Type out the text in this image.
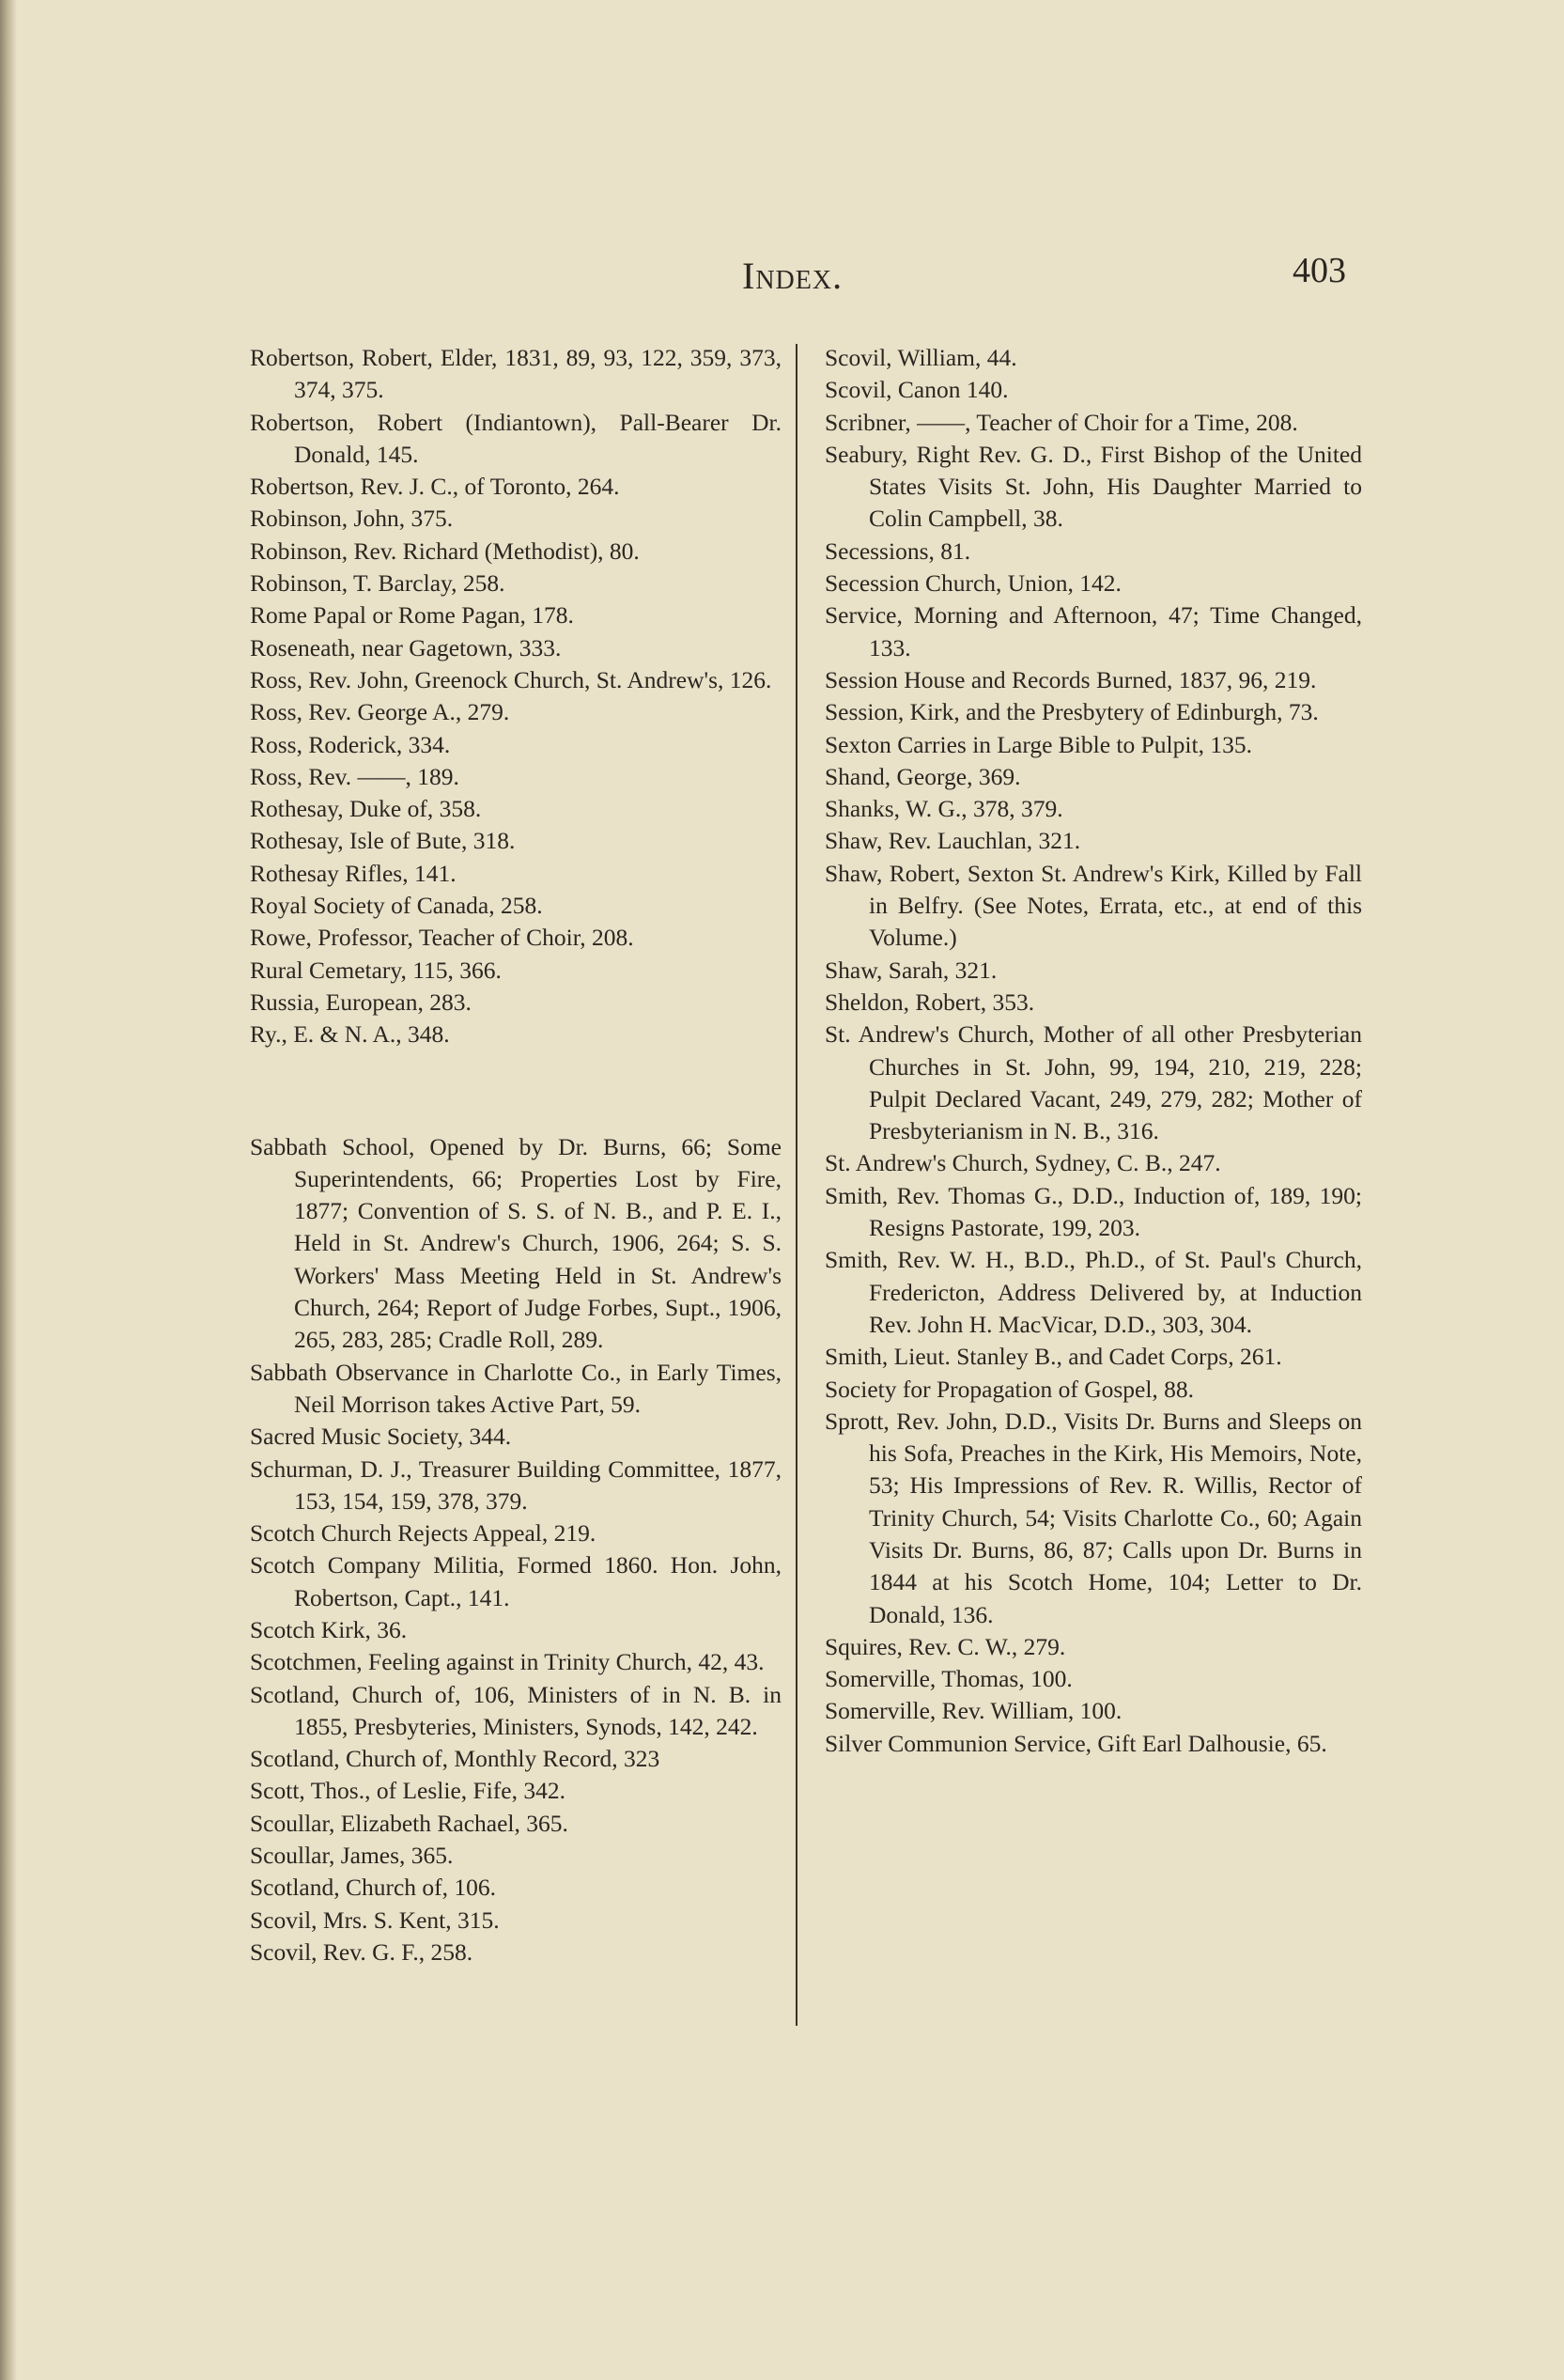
Index.	403

Robertson, Robert, Elder, 1831, 89, 93, 122, 359, 373, 374, 375.

Robertson, Robert (Indiantown), Pall-Bearer Dr. Donald, 145.

Robertson, Rev. J. C., of Toronto, 264.

Robinson, John, 375.

Robinson, Rev. Richard (Methodist), 80.

Robinson, T. Barclay, 258.

Rome Papal or Rome Pagan, 178.

Roseneath, near Gagetown, 333.

Ross, Rev. John, Greenock Church, St. Andrew's, 126.

Ross, Rev. George A., 279.

Ross, Roderick, 334.

Ross, Rev. ——, 189.

Rothesay, Duke of, 358.

Rothesay, Isle of Bute, 318.

Rothesay Rifles, 141.

Royal Society of Canada, 258.

Rowe, Professor, Teacher of Choir, 208.

Rural Cemetary, 115, 366.

Russia, European, 283.

Ry., E. & N. A., 348.

Sabbath School, Opened by Dr. Burns, 66; Some Superintendents, 66; Properties Lost by Fire, 1877; Convention of S. S. of N. B., and P. E. I., Held in St. Andrew's Church, 1906, 264; S. S. Workers' Mass Meeting Held in St. Andrew's Church, 264; Report of Judge Forbes, Supt., 1906, 265, 283, 285; Cradle Roll, 289.

Sabbath Observance in Charlotte Co., in Early Times, Neil Morrison takes Active Part, 59.

Sacred Music Society, 344.

Schurman, D. J., Treasurer Building Committee, 1877, 153, 154, 159, 378, 379.

Scotch Church Rejects Appeal, 219.

Scotch Company Militia, Formed 1860. Hon. John, Robertson, Capt., 141.

Scotch Kirk, 36.

Scotchmen, Feeling against in Trinity Church, 42, 43.

Scotland, Church of, 106, Ministers of in N. B. in 1855, Presbyteries, Ministers, Synods, 142, 242.

Scotland, Church of, Monthly Record, 323

Scott, Thos., of Leslie, Fife, 342.

Scoullar, Elizabeth Rachael, 365.

Scoullar, James, 365.

Scotland, Church of, 106.

Scovil, Mrs. S. Kent, 315.

Scovil, Rev. G. F., 258.

Scovil, William, 44.

Scovil, Canon 140.

Scribner, ——, Teacher of Choir for a Time, 208.

Seabury, Right Rev. G. D., First Bishop of the United States Visits St. John, His Daughter Married to Colin Campbell, 38.

Secessions, 81.

Secession Church, Union, 142.

Service, Morning and Afternoon, 47; Time Changed, 133.

Session House and Records Burned, 1837, 96, 219.

Session, Kirk, and the Presbytery of Edinburgh, 73.

Sexton Carries in Large Bible to Pulpit, 135.

Shand, George, 369.

Shanks, W. G., 378, 379.

Shaw, Rev. Lauchlan, 321.

Shaw, Robert, Sexton St. Andrew's Kirk, Killed by Fall in Belfry. (See Notes, Errata, etc., at end of this Volume.)

Shaw, Sarah, 321.

Sheldon, Robert, 353.

St. Andrew's Church, Mother of all other Presbyterian Churches in St. John, 99, 194, 210, 219, 228; Pulpit Declared Vacant, 249, 279, 282; Mother of Presbyterianism in N. B., 316.

St. Andrew's Church, Sydney, C. B., 247.

Smith, Rev. Thomas G., D.D., Induction of, 189, 190; Resigns Pastorate, 199, 203.

Smith, Rev. W. H., B.D., Ph.D., of St. Paul's Church, Fredericton, Address Delivered by, at Induction Rev. John H. MacVicar, D.D., 303, 304.

Smith, Lieut. Stanley B., and Cadet Corps, 261.

Society for Propagation of Gospel, 88.

Sprott, Rev. John, D.D., Visits Dr. Burns and Sleeps on his Sofa, Preaches in the Kirk, His Memoirs, Note, 53; His Impressions of Rev. R. Willis, Rector of Trinity Church, 54; Visits Charlotte Co., 60; Again Visits Dr. Burns, 86, 87; Calls upon Dr. Burns in 1844 at his Scotch Home, 104; Letter to Dr. Donald, 136.

Squires, Rev. C. W., 279.

Somerville, Thomas, 100.

Somerville, Rev. William, 100.

Silver Communion Service, Gift Earl Dalhousie, 65.
